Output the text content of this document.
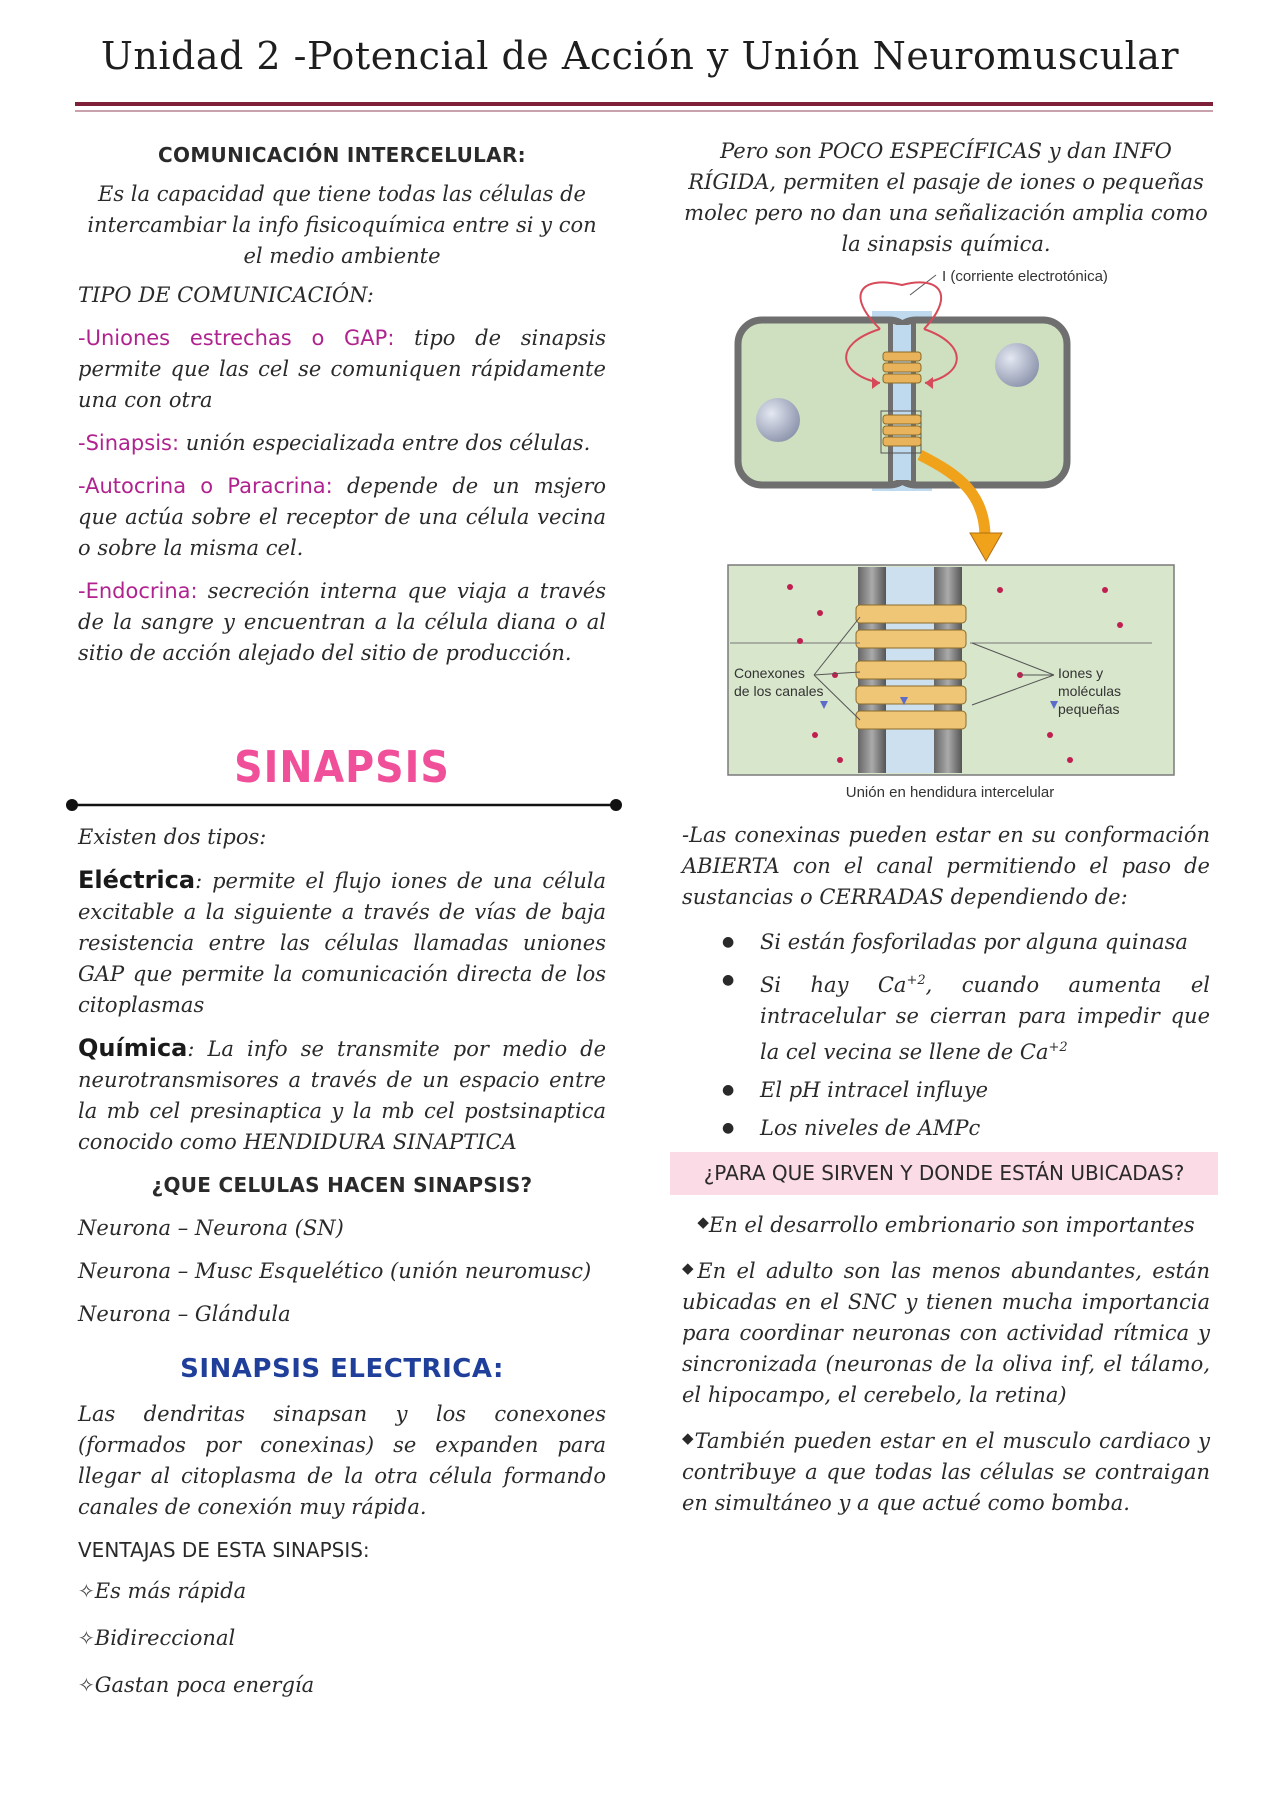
Unidad 2 -Potencial de Acción y Unión Neuromuscular
COMUNICACIÓN INTERCELULAR:

Es la capacidad que tiene todas las células de intercambiar la info fisicoquímica entre si y con el medio ambiente

TIPO DE COMUNICACIÓN:

-Uniones estrechas o GAP: tipo de sinapsis permite que las cel se comuniquen rápidamente una con otra

-Sinapsis: unión especializada entre dos células.

-Autocrina o Paracrina: depende de un msjero que actúa sobre el receptor de una célula vecina o sobre la misma cel.

-Endocrina: secreción interna que viaja a través de la sangre y encuentran a la célula diana o al sitio de acción alejado del sitio de producción.

SINAPSIS

Existen dos tipos:

Eléctrica: permite el flujo iones de una célula excitable a la siguiente a través de vías de baja resistencia entre las células llamadas uniones GAP que permite la comunicación directa de los citoplasmas

Química: La info se transmite por medio de neurotransmisores a través de un espacio entre la mb cel presinaptica y la mb cel postsinaptica conocido como HENDIDURA SINAPTICA

¿QUE CELULAS HACEN SINAPSIS?

Neurona – Neurona (SN)

Neurona – Musc Esquelético (unión neuromusc)

Neurona – Glándula

SINAPSIS ELECTRICA:

Las dendritas sinapsan y los conexones (formados por conexinas) se expanden para llegar al citoplasma de la otra célula formando canales de conexión muy rápida.

VENTAJAS DE ESTA SINAPSIS:

✧Es más rápida

✧Bidireccional

✧Gastan poca energía

Pero son POCO ESPECÍFICAS y dan INFO RÍGIDA, permiten el pasaje de iones o pequeñas molec pero no dan una señalización amplia como la sinapsis química.

I (corriente electrotónica)
Conexones
de los canales
Iones y
moléculas
pequeñas
Unión en hendidura intercelular

-Las conexinas pueden estar en su conformación ABIERTA con el canal permitiendo el paso de sustancias o CERRADAS dependiendo de:

● Si están fosforiladas por alguna quinasa
● Si hay $Ca^{+2}$, cuando aumenta el intracelular se cierran para impedir que la cel vecina se llene de $Ca^{+2}$
● El pH intracel influye
● Los niveles de AMPc
¿PARA QUE SIRVEN Y DONDE ESTÁN UBICADAS?

◆En el desarrollo embrionario son importantes

◆En el adulto son las menos abundantes, están ubicadas en el SNC y tienen mucha importancia para coordinar neuronas con actividad rítmica y sincronizada (neuronas de la oliva inf, el tálamo, el hipocampo, el cerebelo, la retina)

◆También pueden estar en el musculo cardiaco y contribuye a que todas las células se contraigan en simultáneo y a que actué como bomba.
